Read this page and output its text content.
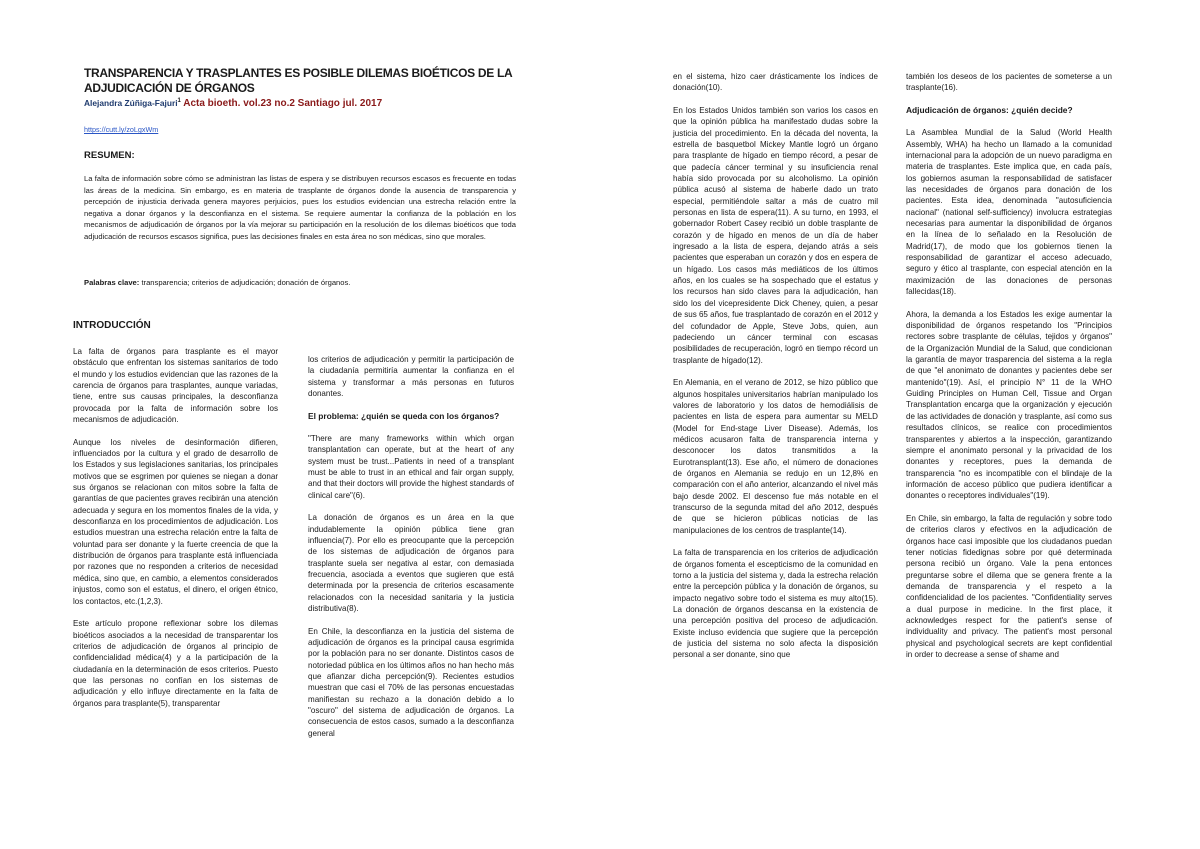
TRANSPARENCIA Y TRASPLANTES ES POSIBLE DILEMAS BIOÉTICOS DE LA ADJUDICACIÓN DE ÓRGANOS
Alejandra Zúñiga-Fajuri$^1$ Acta bioeth. vol.23 no.2 Santiago jul. 2017
https://cutt.ly/zoLgxWm
RESUMEN:

La falta de información sobre cómo se administran las listas de espera y se distribuyen recursos escasos es frecuente en todas las áreas de la medicina. Sin embargo, es en materia de trasplante de órganos donde la ausencia de transparencia y percepción de injusticia derivada genera mayores perjuicios, pues los estudios evidencian una estrecha relación entre la negativa a donar órganos y la desconfianza en el sistema. Se requiere aumentar la confianza de la población en los mecanismos de adjudicación de órganos por la vía mejorar su participación en la resolución de los dilemas bioéticos que toda adjudicación de recursos escasos significa, pues las decisiones finales en esta área no son médicas, sino que morales.

Palabras clave: transparencia; criterios de adjudicación; donación de órganos.
INTRODUCCIÓN

La falta de órganos para trasplante es el mayor obstáculo que enfrentan los sistemas sanitarios de todo el mundo y los estudios evidencian que las razones de la carencia de órganos para trasplantes, aunque variadas, tiene, entre sus causas principales, la desconfianza provocada por la falta de información sobre los mecanismos de adjudicación.

Aunque los niveles de desinformación difieren, influenciados por la cultura y el grado de desarrollo de los Estados y sus legislaciones sanitarias, los principales motivos que se esgrimen por quienes se niegan a donar sus órganos se relacionan con mitos sobre la falta de garantías de que pacientes graves recibirán una atención adecuada y segura en los momentos finales de la vida, y desconfianza en los procedimientos de adjudicación. Los estudios muestran una estrecha relación entre la falta de voluntad para ser donante y la fuerte creencia de que la distribución de órganos para trasplante está influenciada por razones que no responden a criterios de necesidad médica, sino que, en cambio, a elementos considerados injustos, como son el estatus, el dinero, el origen étnico, los contactos, etc.(1,2,3).

Este artículo propone reflexionar sobre los dilemas bioéticos asociados a la necesidad de transparentar los criterios de adjudicación de órganos al principio de confidencialidad médica(4) y a la participación de la ciudadanía en la determinación de esos criterios. Puesto que las personas no confían en los sistemas de adjudicación y ello influye directamente en la falta de órganos para trasplante(5), transparentar

los criterios de adjudicación y permitir la participación de la ciudadanía permitiría aumentar la confianza en el sistema y transformar a más personas en futuros donantes.

El problema: ¿quién se queda con los órganos?

"There are many frameworks within which organ transplantation can operate, but at the heart of any system must be trust...Patients in need of a transplant must be able to trust in an ethical and fair organ supply, and that their doctors will provide the highest standards of clinical care"(6).

La donación de órganos es un área en la que indudablemente la opinión pública tiene gran influencia(7). Por ello es preocupante que la percepción de los sistemas de adjudicación de órganos para trasplante suela ser negativa al estar, con demasiada frecuencia, asociada a eventos que sugieren que está determinada por la presencia de criterios escasamente relacionados con la necesidad sanitaria y la justicia distributiva(8).

En Chile, la desconfianza en la justicia del sistema de adjudicación de órganos es la principal causa esgrimida por la población para no ser donante. Distintos casos de notoriedad pública en los últimos años no han hecho más que afianzar dicha percepción(9). Recientes estudios muestran que casi el 70% de las personas encuestadas manifiestan su rechazo a la donación debido a lo "oscuro" del sistema de adjudicación de órganos. La consecuencia de estos casos, sumado a la desconfianza general

en el sistema, hizo caer drásticamente los índices de donación(10).

En los Estados Unidos también son varios los casos en que la opinión pública ha manifestado dudas sobre la justicia del procedimiento. En la década del noventa, la estrella de basquetbol Mickey Mantle logró un órgano para trasplante de hígado en tiempo récord, a pesar de que padecía cáncer terminal y su insuficiencia renal había sido provocada por su alcoholismo. La opinión pública acusó al sistema de haberle dado un trato especial, permitiéndole saltar a más de cuatro mil personas en lista de espera(11). A su turno, en 1993, el gobernador Robert Casey recibió un doble trasplante de corazón y de hígado en menos de un día de haber ingresado a la lista de espera, dejando atrás a seis pacientes que esperaban un corazón y dos en espera de un hígado. Los casos más mediáticos de los últimos años, en los cuales se ha sospechado que el estatus y los recursos han sido claves para la adjudicación, han sido los del vicepresidente Dick Cheney, quien, a pesar de sus 65 años, fue trasplantado de corazón en el 2012 y del cofundador de Apple, Steve Jobs, quien, aun padeciendo un cáncer terminal con escasas posibilidades de recuperación, logró en tiempo récord un trasplante de hígado(12).

En Alemania, en el verano de 2012, se hizo público que algunos hospitales universitarios habrían manipulado los valores de laboratorio y los datos de hemodiálisis de pacientes en lista de espera para aumentar su MELD (Model for End-stage Liver Disease). Además, los médicos acusaron falta de transparencia interna y desconocer los datos transmitidos a la Eurotransplant(13). Ese año, el número de donaciones de órganos en Alemania se redujo en un 12,8% en comparación con el año anterior, alcanzando el nivel más bajo desde 2002. El descenso fue más notable en el transcurso de la segunda mitad del año 2012, después de que se hicieron públicas noticias de las manipulaciones de los centros de trasplante(14).

La falta de transparencia en los criterios de adjudicación de órganos fomenta el escepticismo de la comunidad en torno a la justicia del sistema y, dada la estrecha relación entre la percepción pública y la donación de órganos, su impacto negativo sobre todo el sistema es muy alto(15). La donación de órganos descansa en la existencia de una percepción positiva del proceso de adjudicación. Existe incluso evidencia que sugiere que la percepción de justicia del sistema no solo afecta la disposición personal a ser donante, sino que

también los deseos de los pacientes de someterse a un trasplante(16).

Adjudicación de órganos: ¿quién decide?

La Asamblea Mundial de la Salud (World Health Assembly, WHA) ha hecho un llamado a la comunidad internacional para la adopción de un nuevo paradigma en materia de trasplantes. Este implica que, en cada país, los gobiernos asuman la responsabilidad de satisfacer las necesidades de órganos para donación de los pacientes. Esta idea, denominada "autosuficiencia nacional" (national self-sufficiency) involucra estrategias necesarias para aumentar la disponibilidad de órganos en la línea de lo señalado en la Resolución de Madrid(17), de modo que los gobiernos tienen la responsabilidad de garantizar el acceso adecuado, seguro y ético al trasplante, con especial atención en la maximización de las donaciones de personas fallecidas(18).

Ahora, la demanda a los Estados les exige aumentar la disponibilidad de órganos respetando los "Principios rectores sobre trasplante de células, tejidos y órganos" de la Organización Mundial de la Salud, que condicionan la garantía de mayor trasparencia del sistema a la regla de que "el anonimato de donantes y pacientes debe ser mantenido"(19). Así, el principio N° 11 de la WHO Guiding Principles on Human Cell, Tissue and Organ Transplantation encarga que la organización y ejecución de las actividades de donación y trasplante, así como sus resultados clínicos, se realice con procedimientos transparentes y abiertos a la inspección, garantizando siempre el anonimato personal y la privacidad de los donantes y receptores, pues la demanda de transparencia "no es incompatible con el blindaje de la información de acceso público que pudiera identificar a donantes o receptores individuales"(19).

En Chile, sin embargo, la falta de regulación y sobre todo de criterios claros y efectivos en la adjudicación de órganos hace casi imposible que los ciudadanos puedan tener noticias fidedignas sobre por qué determinada persona recibió un órgano. Vale la pena entonces preguntarse sobre el dilema que se genera frente a la demanda de transparencia y el respeto a la confidencialidad de los pacientes. "Confidentiality serves a dual purpose in medicine. In the first place, it acknowledges respect for the patient's sense of individuality and privacy. The patient's most personal physical and psychological secrets are kept confidential in order to decrease a sense of shame and
